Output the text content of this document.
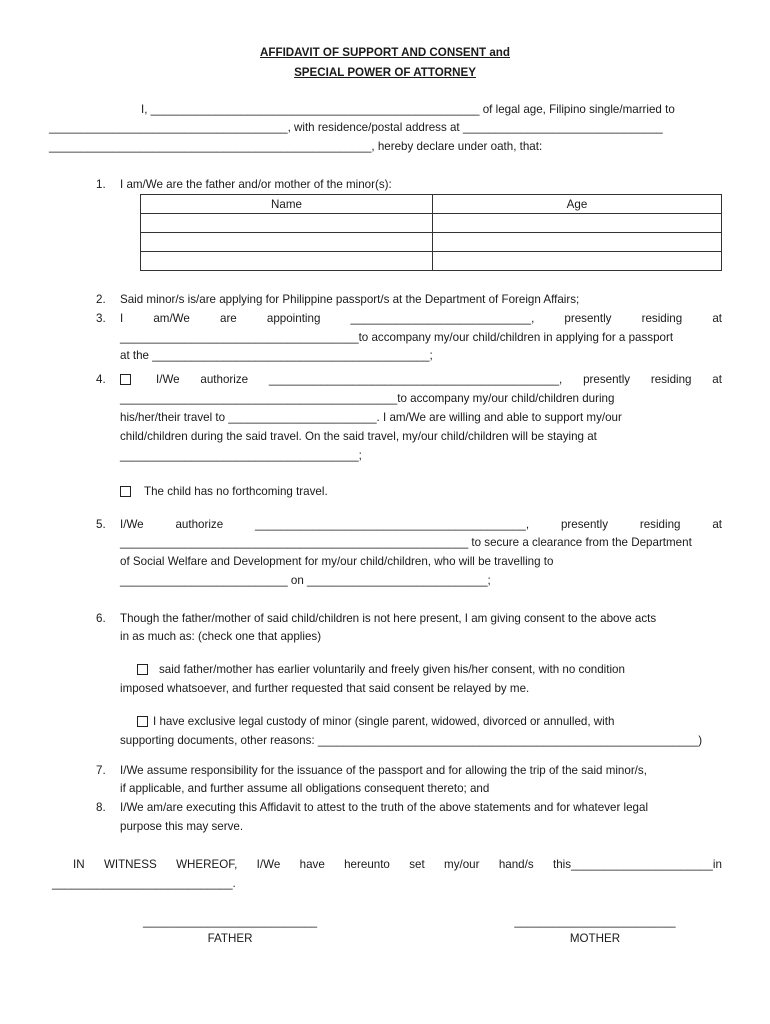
AFFIDAVIT OF SUPPORT AND CONSENT and
SPECIAL POWER OF ATTORNEY
I, ___________________________________________________ of legal age, Filipino single/married to
_____________________________________, with residence/postal address at _______________________________
__________________________________________________, hereby declare under oath, that:
1. I am/We are the father and/or mother of the minor(s):
Name	Age

2. Said minor/s is/are applying for Philippine passport/s at the Department of Foreign Affairs;
3. I	am/We	are	appointing	____________________________,	presently	residing	at
_____________________________________to accompany my/our child/children in applying for a passport
at the ___________________________________________;
4.	I/We authorize _____________________________________________, presently residing at
___________________________________________to accompany my/our child/children during
his/her/their travel to _______________________. I am/We are willing and able to support my/our
child/children during the said travel. On the said travel, my/our child/children will be staying at
_____________________________________;
The child has no forthcoming travel.
5. I/We	authorize	__________________________________________,	presently	residing	at
______________________________________________________ to secure a clearance from the Department
of Social Welfare and Development for my/our child/children, who will be travelling to
__________________________ on ____________________________;
6. Though the father/mother of said child/children is not here present, I am giving consent to the above acts
in as much as: (check one that applies)
said father/mother has earlier voluntarily and freely given his/her consent, with no condition
imposed whatsoever, and further requested that said consent be relayed by me.
I have exclusive legal custody of minor (single parent, widowed, divorced or annulled, with
supporting documents, other reasons: ___________________________________________________________)
7. I/We assume responsibility for the issuance of the passport and for allowing the trip of the said minor/s,
if applicable, and further assume all obligations consequent thereto; and
8. I/We am/are executing this Affidavit to attest to the truth of the above statements and for whatever legal
purpose this may serve.
IN WITNESS WHEREOF, I/We have hereunto set my/our hand/s this______________________in
____________________________.
___________________________
FATHER
_________________________
MOTHER
